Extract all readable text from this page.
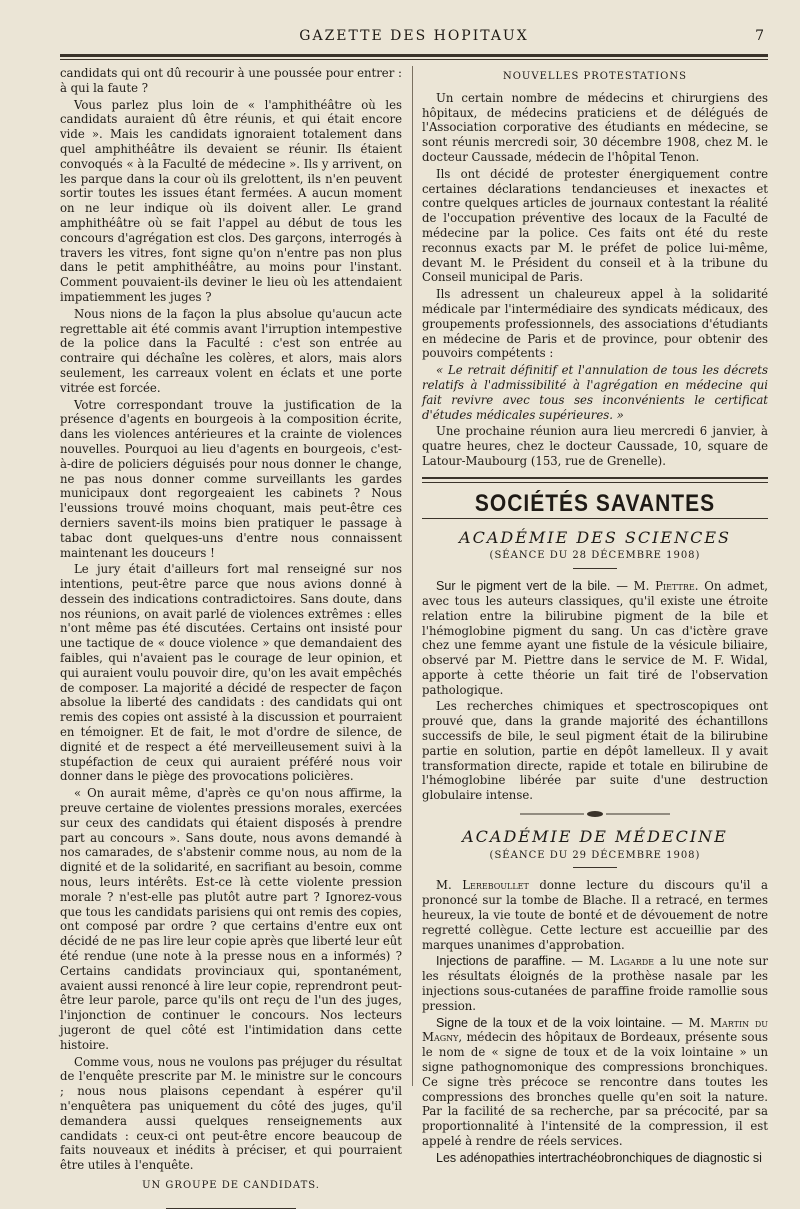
GAZETTE DES HOPITAUX	7

candidats qui ont dû recourir à une poussée pour entrer : à qui la faute ?

Vous parlez plus loin de « l'amphithéâtre où les candidats auraient dû être réunis, et qui était encore vide ». Mais les candidats ignoraient totalement dans quel amphithéâtre ils devaient se réunir. Ils étaient convoqués « à la Faculté de médecine ». Ils y arrivent, on les parque dans la cour où ils grelottent, ils n'en peuvent sortir toutes les issues étant fermées. A aucun moment on ne leur indique où ils doivent aller. Le grand amphithéâtre où se fait l'appel au début de tous les concours d'agrégation est clos. Des garçons, interrogés à travers les vitres, font signe qu'on n'entre pas non plus dans le petit amphithéâtre, au moins pour l'instant. Comment pouvaient-ils deviner le lieu où les attendaient impatiemment les juges ?

Nous nions de la façon la plus absolue qu'aucun acte regrettable ait été commis avant l'irruption intempestive de la police dans la Faculté : c'est son entrée au contraire qui déchaîne les colères, et alors, mais alors seulement, les carreaux volent en éclats et une porte vitrée est forcée.

Votre correspondant trouve la justification de la présence d'agents en bourgeois à la composition écrite, dans les violences antérieures et la crainte de violences nouvelles. Pourquoi au lieu d'agents en bourgeois, c'est-à-dire de policiers déguisés pour nous donner le change, ne pas nous donner comme surveillants les gardes municipaux dont regorgeaient les cabinets ? Nous l'eussions trouvé moins choquant, mais peut-être ces derniers savent-ils moins bien pratiquer le passage à tabac dont quelques-uns d'entre nous connaissent maintenant les douceurs !

Le jury était d'ailleurs fort mal renseigné sur nos intentions, peut-être parce que nous avions donné à dessein des indications contradictoires. Sans doute, dans nos réunions, on avait parlé de violences extrêmes : elles n'ont même pas été discutées. Certains ont insisté pour une tactique de « douce violence » que demandaient des faibles, qui n'avaient pas le courage de leur opinion, et qui auraient voulu pouvoir dire, qu'on les avait empêchés de composer. La majorité a décidé de respecter de façon absolue la liberté des candidats : des candidats qui ont remis des copies ont assisté à la discussion et pourraient en témoigner. Et de fait, le mot d'ordre de silence, de dignité et de respect a été merveilleusement suivi à la stupéfaction de ceux qui auraient préféré nous voir donner dans le piège des provocations policières.

« On aurait même, d'après ce qu'on nous affirme, la preuve certaine de violentes pressions morales, exercées sur ceux des candidats qui étaient disposés à prendre part au concours ». Sans doute, nous avons demandé à nos camarades, de s'abstenir comme nous, au nom de la dignité et de la solidarité, en sacrifiant au besoin, comme nous, leurs intérêts. Est-ce là cette violente pression morale ? n'est-elle pas plutôt autre part ? Ignorez-vous que tous les candidats parisiens qui ont remis des copies, ont composé par ordre ? que certains d'entre eux ont décidé de ne pas lire leur copie après que liberté leur eût été rendue (une note à la presse nous en a informés) ? Certains candidats provinciaux qui, spontanément, avaient aussi renoncé à lire leur copie, reprendront peut-être leur parole, parce qu'ils ont reçu de l'un des juges, l'injonction de continuer le concours. Nos lecteurs jugeront de quel côté est l'intimidation dans cette histoire.

Comme vous, nous ne voulons pas préjuger du résultat de l'enquête prescrite par M. le ministre sur le concours ; nous nous plaisons cependant à espérer qu'il n'enquêtera pas uniquement du côté des juges, qu'il demandera aussi quelques renseignements aux candidats : ceux-ci ont peut-être encore beaucoup de faits nouveaux et inédits à préciser, et qui pourraient être utiles à l'enquête.

UN GROUPE DE CANDIDATS.
NOUVELLES PROTESTATIONS

Un certain nombre de médecins et chirurgiens des hôpitaux, de médecins praticiens et de délégués de l'Association corporative des étudiants en médecine, se sont réunis mercredi soir, 30 décembre 1908, chez M. le docteur Caussade, médecin de l'hôpital Tenon.

Ils ont décidé de protester énergiquement contre certaines déclarations tendancieuses et inexactes et contre quelques articles de journaux contestant la réalité de l'occupation préventive des locaux de la Faculté de médecine par la police. Ces faits ont été du reste reconnus exacts par M. le préfet de police lui-même, devant M. le Président du conseil et à la tribune du Conseil municipal de Paris.

Ils adressent un chaleureux appel à la solidarité médicale par l'intermédiaire des syndicats médicaux, des groupements professionnels, des associations d'étudiants en médecine de Paris et de province, pour obtenir des pouvoirs compétents :

« Le retrait définitif et l'annulation de tous les décrets relatifs à l'admissibilité à l'agrégation en médecine qui fait revivre avec tous ses inconvénients le certificat d'études médicales supérieures. »

Une prochaine réunion aura lieu mercredi 6 janvier, à quatre heures, chez le docteur Caussade, 10, square de Latour-Maubourg (153, rue de Grenelle).

SOCIÉTÉS SAVANTES
ACADÉMIE DES SCIENCES
(SÉANCE DU 28 DÉCEMBRE 1908)

Sur le pigment vert de la bile. — M. Piettre. On admet, avec tous les auteurs classiques, qu'il existe une étroite relation entre la bilirubine pigment de la bile et l'hémoglobine pigment du sang. Un cas d'ictère grave chez une femme ayant une fistule de la vésicule biliaire, observé par M. Piettre dans le service de M. F. Widal, apporte à cette théorie un fait tiré de l'observation pathologique.

Les recherches chimiques et spectroscopiques ont prouvé que, dans la grande majorité des échantillons successifs de bile, le seul pigment était de la bilirubine partie en solution, partie en dépôt lamelleux. Il y avait transformation directe, rapide et totale en bilirubine de l'hémoglobine libérée par suite d'une destruction globulaire intense.

ACADÉMIE DE MÉDECINE
(SÉANCE DU 29 DÉCEMBRE 1908)

M. Lereboullet donne lecture du discours qu'il a prononcé sur la tombe de Blache. Il a retracé, en termes heureux, la vie toute de bonté et de dévouement de notre regretté collègue. Cette lecture est accueillie par des marques unanimes d'approbation.

Injections de paraffine. — M. Lagarde a lu une note sur les résultats éloignés de la prothèse nasale par les injections sous-cutanées de paraffine froide ramollie sous pression.

Signe de la toux et de la voix lointaine. — M. Martin du Magny, médecin des hôpitaux de Bordeaux, présente sous le nom de « signe de toux et de la voix lointaine » un signe pathognomonique des compressions bronchiques. Ce signe très précoce se rencontre dans toutes les compressions des bronches quelle qu'en soit la nature. Par la facilité de sa recherche, par sa précocité, par sa proportionnalité à l'intensité de la compression, il est appelé à rendre de réels services.

Les adénopathies intertrachéobronchiques de diagnostic si
